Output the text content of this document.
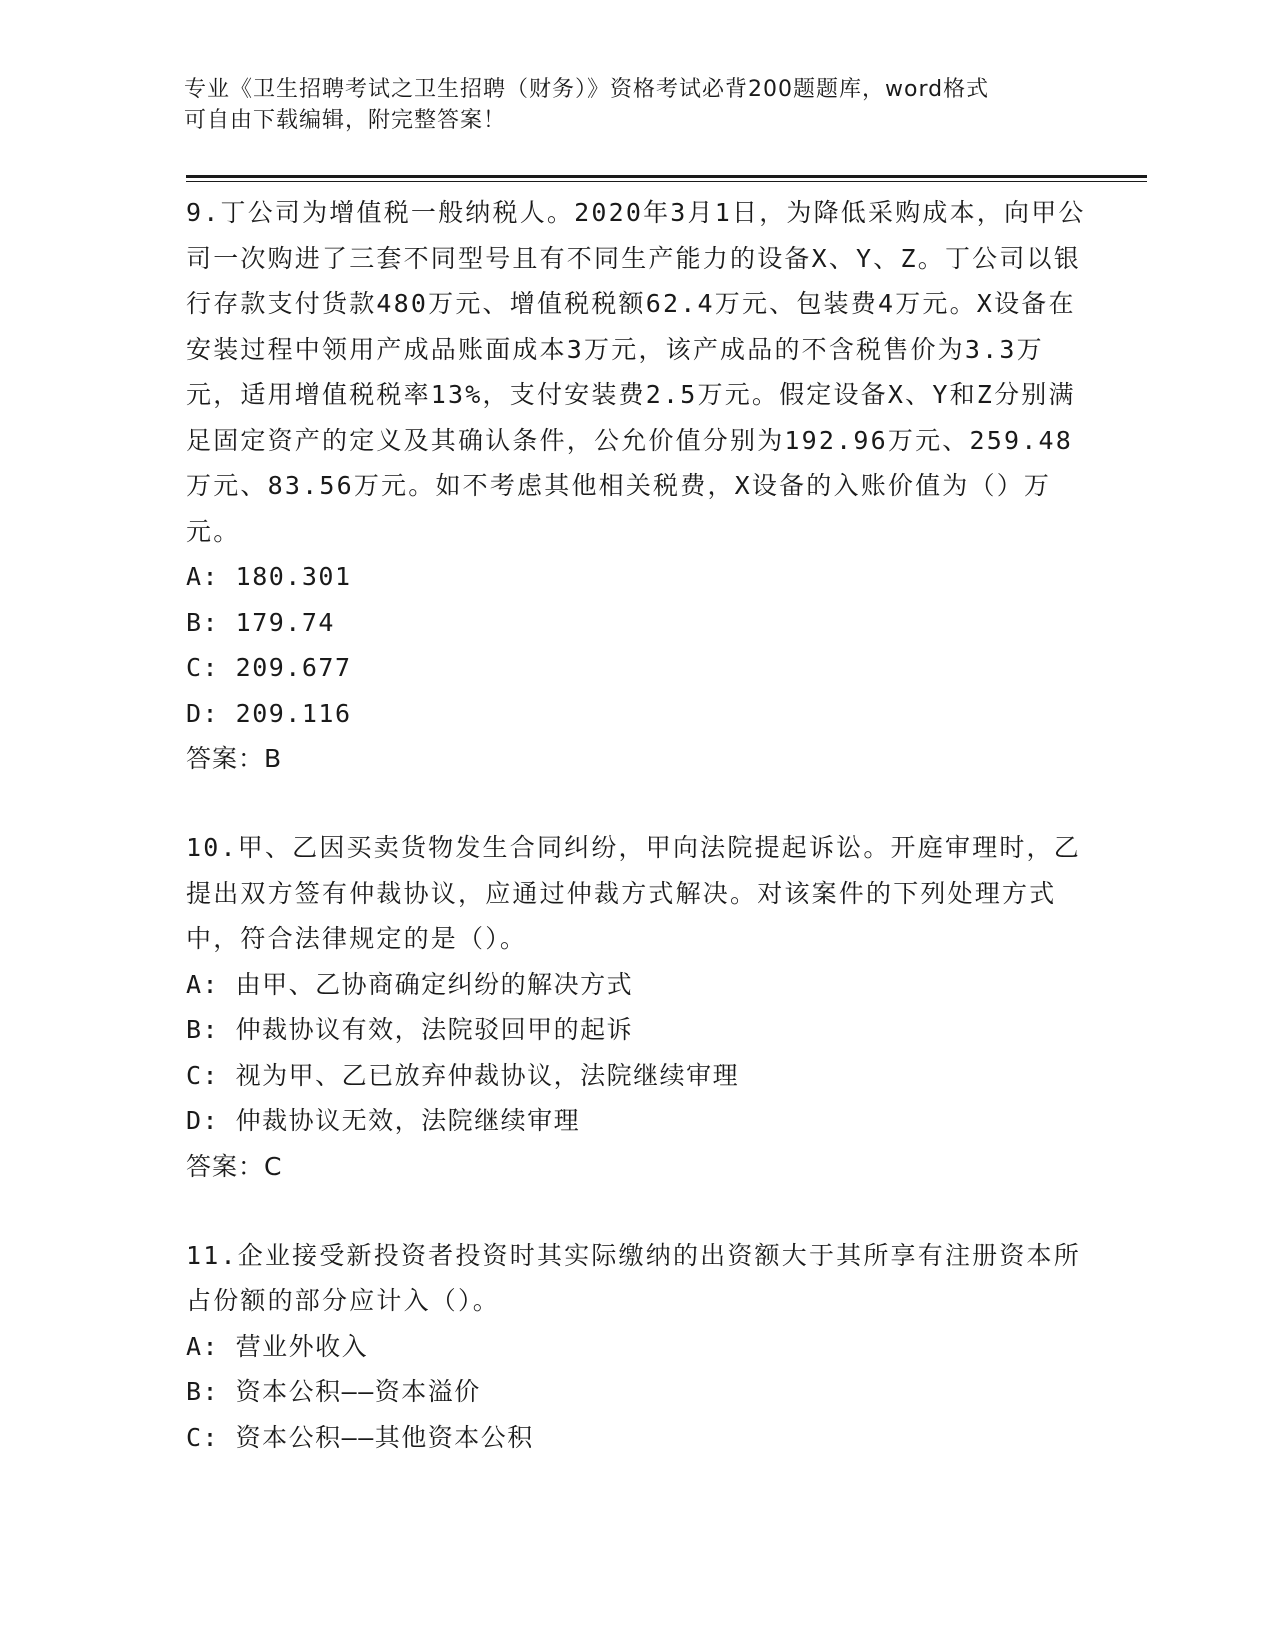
专业《卫生招聘考试之卫生招聘（财务）》资格考试必背200题题库，word格式
可自由下载编辑，附完整答案！
9.丁公司为增值税一般纳税人。2020年3月1日，为降低采购成本，向甲公司一次购进了三套不同型号且有不同生产能力的设备X、Y、Z。丁公司以银行存款支付货款480万元、增值税税额62.4万元、包装费4万元。X设备在安装过程中领用产成品账面成本3万元，该产成品的不含税售价为3.3万元，适用增值税税率13%，支付安装费2.5万元。假定设备X、Y和Z分别满足固定资产的定义及其确认条件，公允价值分别为192.96万元、259.48万元、83.56万元。如不考虑其他相关税费，X设备的入账价值为（）万元。
A: 180.301
B: 179.74
C: 209.677
D: 209.116
答案：B
10.甲、乙因买卖货物发生合同纠纷，甲向法院提起诉讼。开庭审理时，乙提出双方签有仲裁协议，应通过仲裁方式解决。对该案件的下列处理方式中，符合法律规定的是（）。
A: 由甲、乙协商确定纠纷的解决方式
B: 仲裁协议有效，法院驳回甲的起诉
C: 视为甲、乙已放弃仲裁协议，法院继续审理
D: 仲裁协议无效，法院继续审理
答案：C
11.企业接受新投资者投资时其实际缴纳的出资额大于其所享有注册资本所占份额的部分应计入（）。
A: 营业外收入
B: 资本公积——资本溢价
C: 资本公积——其他资本公积
